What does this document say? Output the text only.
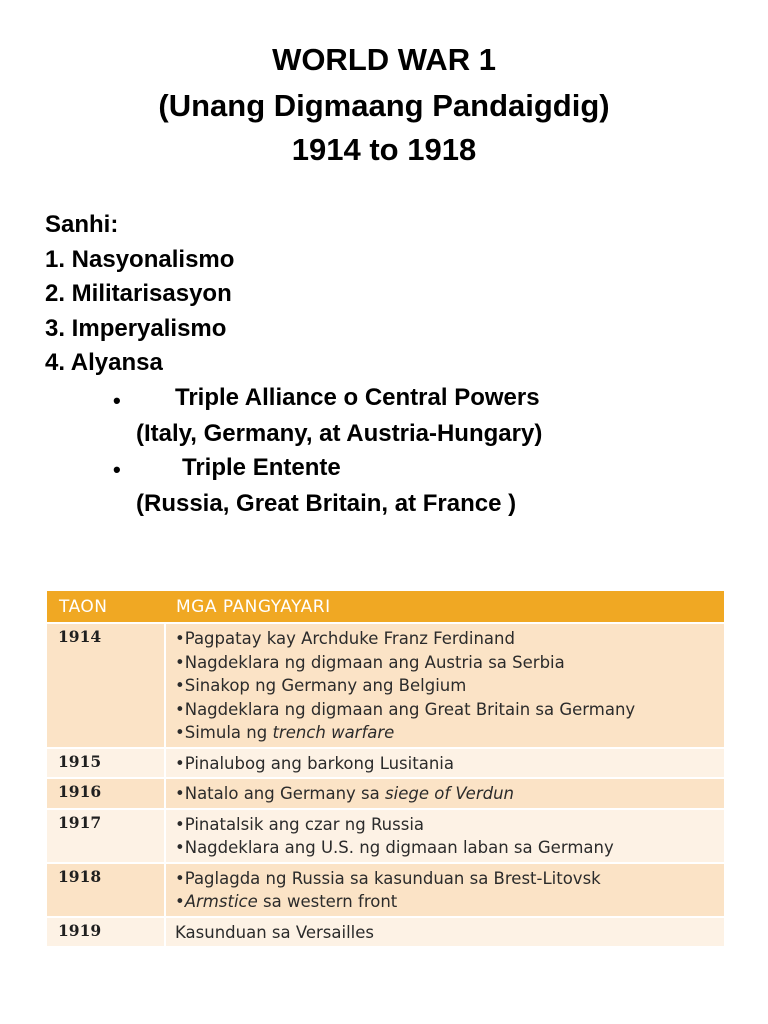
WORLD WAR 1
(Unang Digmaang Pandaigdig)
1914 to 1918
Sanhi:
1. Nasyonalismo
2. Militarisasyon
3. Imperyalismo
4. Alyansa
• Triple Alliance o Central Powers
(Italy, Germany, at Austria-Hungary)
•	Triple Entente
(Russia, Great Britain, at France )
TAON	MGA PANGYAYARI
1914	•Pagpatay kay Archduke Franz Ferdinand
•Nagdeklara ng digmaan ang Austria sa Serbia
•Sinakop ng Germany ang Belgium
•Nagdeklara ng digmaan ang Great Britain sa Germany
•Simula ng trench warfare
1915	•Pinalubog ang barkong Lusitania
1916	•Natalo ang Germany sa siege of Verdun
1917	•Pinatalsik ang czar ng Russia
•Nagdeklara ang U.S. ng digmaan laban sa Germany
1918	•Paglagda ng Russia sa kasunduan sa Brest-Litovsk
•Armstice sa western front
1919	Kasunduan sa Versailles
